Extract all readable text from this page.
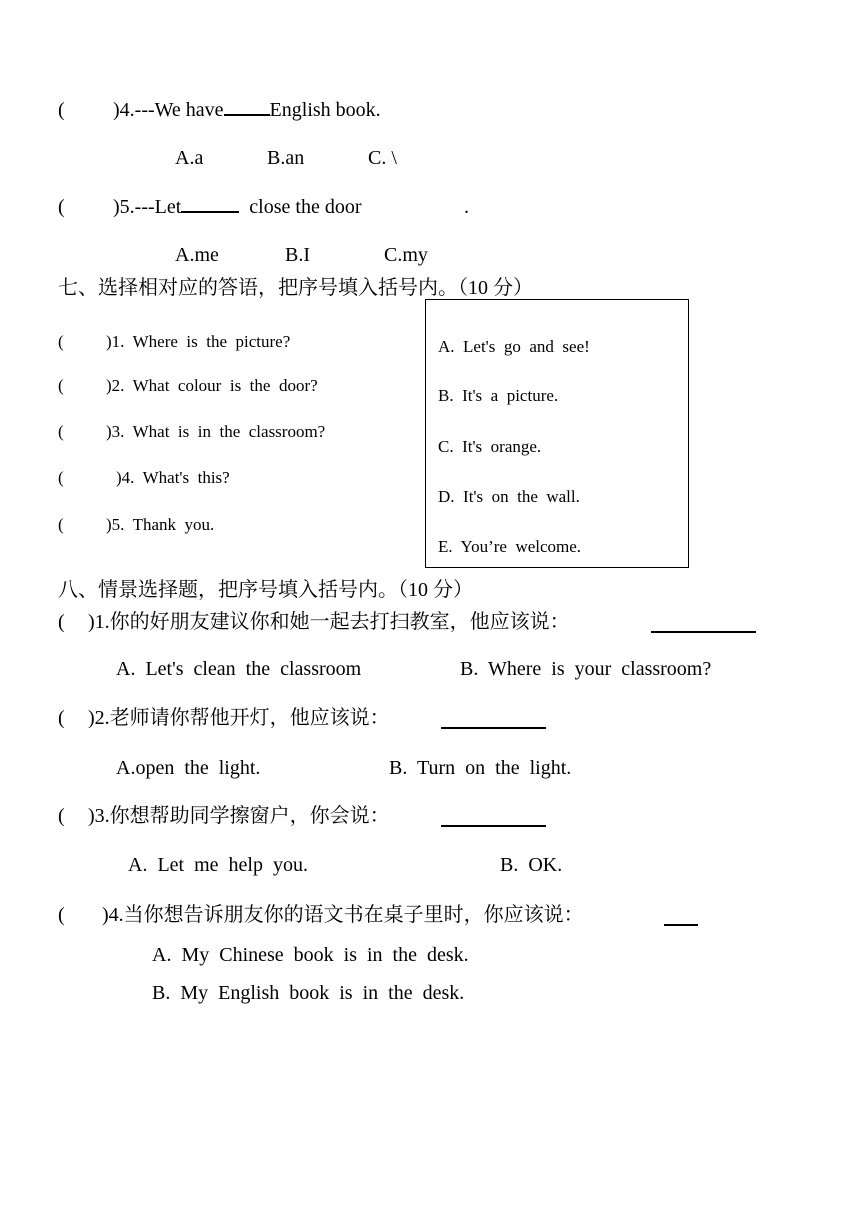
( )4.---We have English book.
A.a	B.an	C. \
( )5.---Let	close the door	.
A.me	B.I	C.my
七、选择相对应的答语，把序号填入括号内。（10 分）
( )1.  Where  is  the  picture?
( )2.  What  colour  is  the  door?
( )3.  What  is  in  the  classroom?
(	)4.  What's  this?
( )5.  Thank  you.
A.  Let's  go  and  see!
B.  It's  a  picture.
C.  It's  orange.
D.  It's  on  the  wall.
E.  You’re  welcome.
八、情景选择题，把序号填入括号内。（10 分）
( )1.你的好朋友建议你和她一起去打扫教室，他应该说：
A.  Let's  clean  the  classroom	B.  Where  is  your  classroom?
( )2.老师请你帮他开灯，他应该说：
A.open  the  light.	B.  Turn  on  the  light.
( )3.你想帮助同学擦窗户，你会说：
A.  Let  me  help  you.	B.  OK.
( )4.当你想告诉朋友你的语文书在桌子里时，你应该说：
A.  My  Chinese  book  is  in  the  desk.
B.  My  English  book  is  in  the  desk.
